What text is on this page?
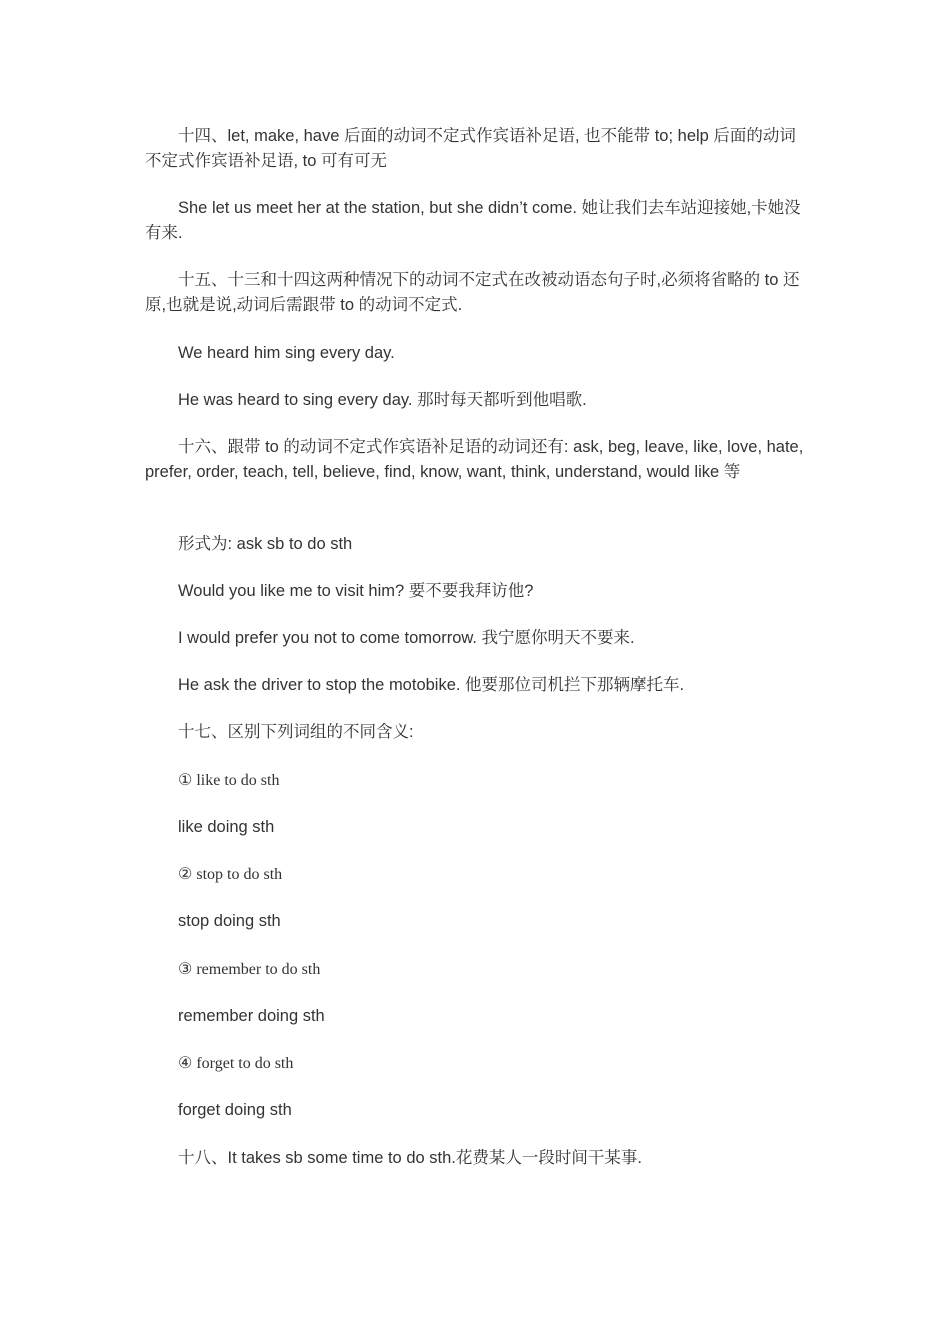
十四、let, make, have 后面的动词不定式作宾语补足语, 也不能带 to; help 后面的动词不定式作宾语补足语, to 可有可无

She let us meet her at the station, but she didn’t come. 她让我们去车站迎接她,卡她没有来.

十五、十三和十四这两种情况下的动词不定式在改被动语态句子时,必须将省略的 to 还原,也就是说,动词后需跟带 to 的动词不定式.

We heard him sing every day.

He was heard to sing every day. 那时每天都听到他唱歌.

十六、跟带 to 的动词不定式作宾语补足语的动词还有: ask, beg, leave, like, love, hate, prefer, order, teach, tell, believe, find, know, want, think, understand, would like 等

形式为: ask sb to do sth

Would you like me to visit him? 要不要我拜访他?

I would prefer you not to come tomorrow. 我宁愿你明天不要来.

He ask the driver to stop the motobike. 他要那位司机拦下那辆摩托车.

十七、区别下列词组的不同含义:

① like to do sth

like doing sth

② stop to do sth

stop doing sth

③ remember to do sth

remember doing sth

④ forget to do sth

forget doing sth

十八、It takes sb some time to do sth.花费某人一段时间干某事.
